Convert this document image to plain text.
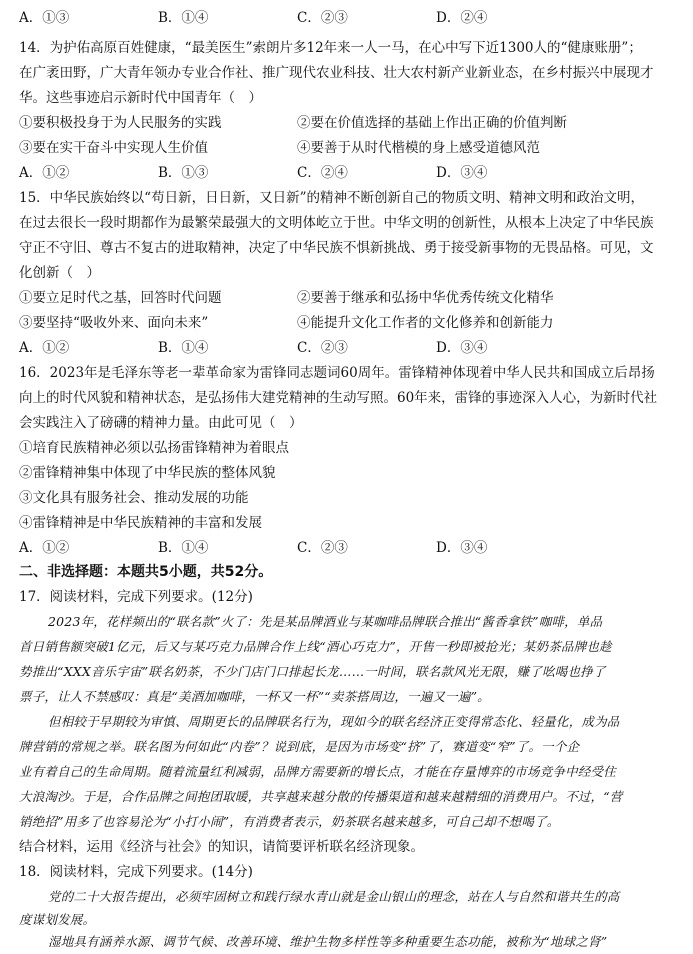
A．①③	B．①④	C．②③	D．②④
14．为护佑高原百姓健康，“最美医生”索朗片多12年来一人一马，在心中写下近1300人的“健康账册”；
在广袤田野，广大青年领办专业合作社、推广现代农业科技、壮大农村新产业新业态，在乡村振兴中展现才
华。这些事迹启示新时代中国青年（　）
①要积极投身于为人民服务的实践	②要在价值选择的基础上作出正确的价值判断
③要在实干奋斗中实现人生价值	④要善于从时代楷模的身上感受道德风范
A．①②	B．①③	C．②④	D．③④
15．中华民族始终以“苟日新，日日新，又日新”的精神不断创新自己的物质文明、精神文明和政治文明，
在过去很长一段时期都作为最繁荣最强大的文明体屹立于世。中华文明的创新性，从根本上决定了中华民族
守正不守旧、尊古不复古的进取精神，决定了中华民族不惧新挑战、勇于接受新事物的无畏品格。可见，文
化创新（　）
①要立足时代之基，回答时代问题	②要善于继承和弘扬中华优秀传统文化精华
③要坚持“吸收外来、面向未来”	④能提升文化工作者的文化修养和创新能力
A．①②	B．①④	C．②③	D．③④
16．2023年是毛泽东等老一辈革命家为雷锋同志题词60周年。雷锋精神体现着中华人民共和国成立后昂扬
向上的时代风貌和精神状态，是弘扬伟大建党精神的生动写照。60年来，雷锋的事迹深入人心，为新时代社
会实践注入了磅礴的精神力量。由此可见（　）
①培育民族精神必须以弘扬雷锋精神为着眼点
②雷锋精神集中体现了中华民族的整体风貌
③文化具有服务社会、推动发展的功能
④雷锋精神是中华民族精神的丰富和发展
A．①②	B．①④	C．②③	D．③④
二、非选择题：本题共5小题，共52分。
17．阅读材料，完成下列要求。(12分)
2023年，花样频出的“联名款”火了：先是某品牌酒业与某咖啡品牌联合推出“酱香拿铁”咖啡，单品
首日销售额突破1亿元，后又与某巧克力品牌合作上线“酒心巧克力”，开售一秒即被抢光；某奶茶品牌也趁
势推出“XXX音乐宇宙”联名奶茶，不少门店门口排起长龙……一时间，联名款风光无限，赚了吆喝也挣了
票子，让人不禁感叹：真是“美酒加咖啡，一杯又一杯”“卖茶搭周边，一遍又一遍”。
但相较于早期较为审慎、周期更长的品牌联名行为，现如今的联名经济正变得常态化、轻量化，成为品
牌营销的常规之举。联名图为何如此“内卷”？说到底，是因为市场变“挤”了，赛道变“窄”了。一个企
业有着自己的生命周期。随着流量红利减弱，品牌方需要新的增长点，才能在存量博弈的市场竞争中经受住
大浪淘沙。于是，合作品牌之间抱团取暖，共享越来越分散的传播渠道和越来越精细的消费用户。不过，“营
销绝招”用多了也容易沦为“小打小闹”，有消费者表示，奶茶联名越来越多，可自己却不想喝了。
结合材料，运用《经济与社会》的知识，请简要评析联名经济现象。
18．阅读材料，完成下列要求。(14分)
党的二十大报告提出，必须牢固树立和践行绿水青山就是金山银山的理念，站在人与自然和谐共生的高
度谋划发展。
湿地具有涵养水源、调节气候、改善环境、维护生物多样性等多种重要生态功能，被称为“地球之肾”
